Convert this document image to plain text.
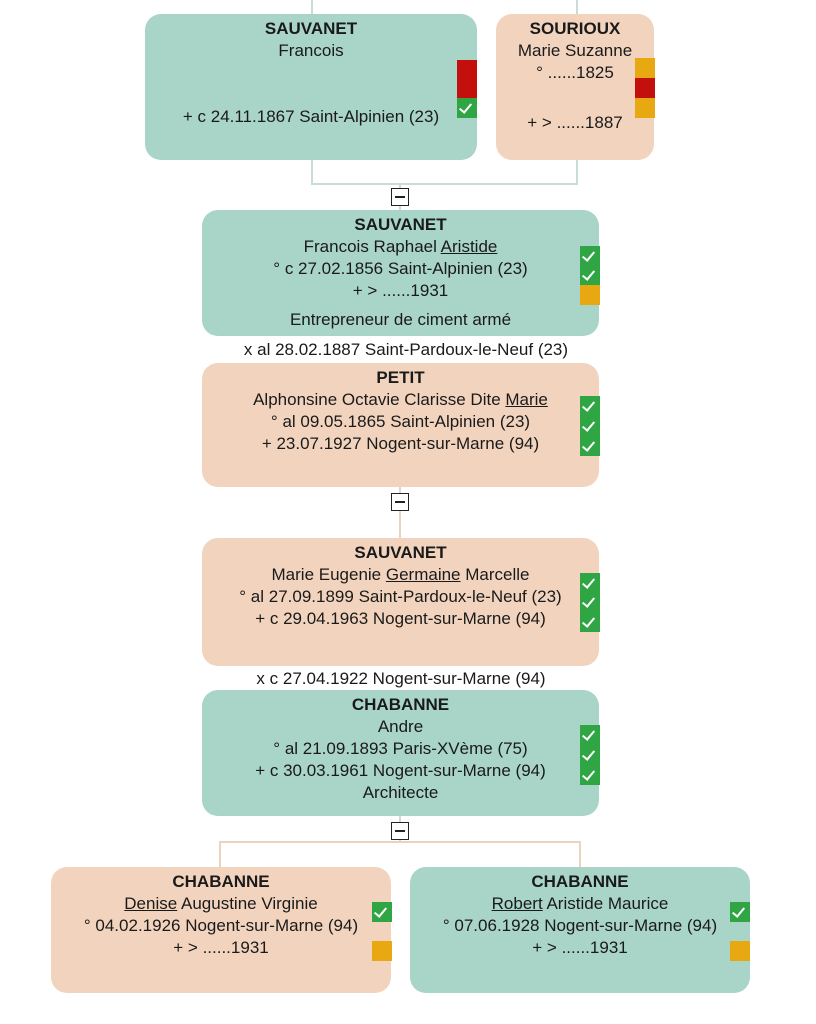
SAUVANET
Francois
+ c 24.11.1867 Saint-Alpinien (23)
SOURIOUX
Marie Suzanne
° ......1825
+ > ......1887
SAUVANET
Francois Raphael Aristide
° c 27.02.1856 Saint-Alpinien (23)
+ > ......1931
Entrepreneur de ciment armé
x al 28.02.1887 Saint-Pardoux-le-Neuf (23)
PETIT
Alphonsine Octavie Clarisse Dite Marie
° al 09.05.1865 Saint-Alpinien (23)
+ 23.07.1927 Nogent-sur-Marne (94)
SAUVANET
Marie Eugenie Germaine Marcelle
° al 27.09.1899 Saint-Pardoux-le-Neuf (23)
+ c 29.04.1963 Nogent-sur-Marne (94)
x c 27.04.1922 Nogent-sur-Marne (94)
CHABANNE
Andre
° al 21.09.1893 Paris-XVème (75)
+ c 30.03.1961 Nogent-sur-Marne (94)
Architecte
CHABANNE
Denise Augustine Virginie
° 04.02.1926 Nogent-sur-Marne (94)
+ > ......1931
CHABANNE
Robert Aristide Maurice
° 07.06.1928 Nogent-sur-Marne (94)
+ > ......1931
